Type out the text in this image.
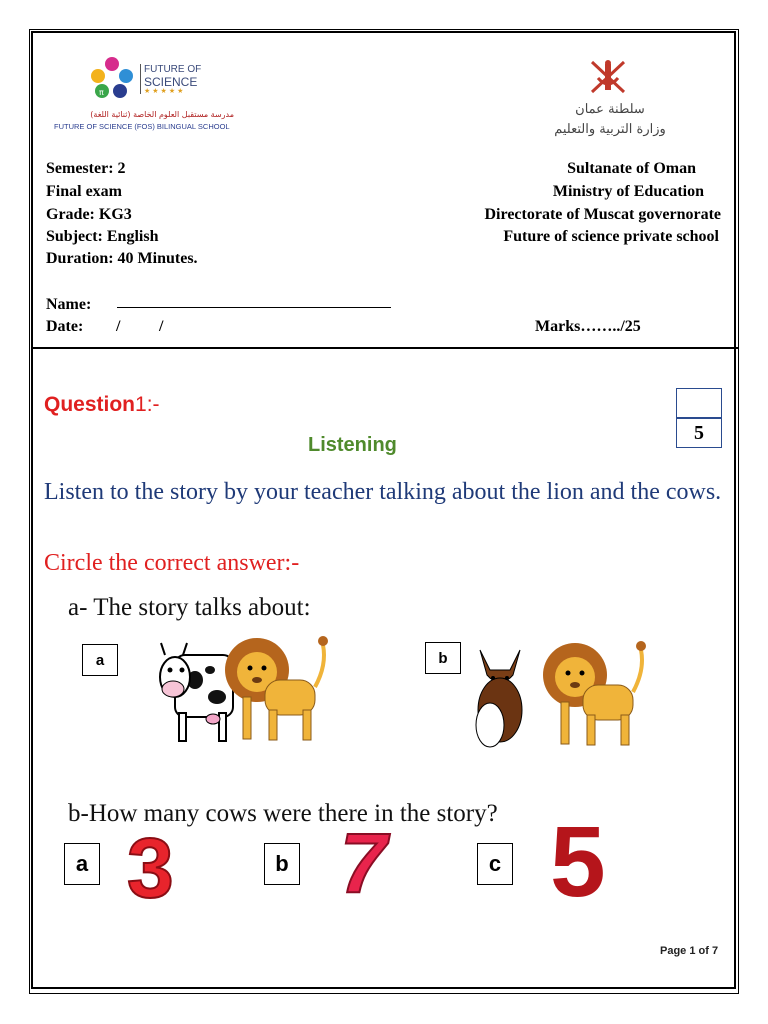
π
FUTURE OF
SCIENCE
★★★★★
مدرسة مستقبل العلوم الخاصة (ثنائية اللغة)
FUTURE OF SCIENCE (FOS) BILINGUAL SCHOOL
سلطنة عمان
وزارة التربية والتعليم
Semester: 2
Final exam
Grade: KG3
Subject: English
Duration: 40 Minutes.
Sultanate of Oman
Ministry of Education
Directorate of Muscat governorate
Future of science private school
Name:
Date: / /	Marks……../25
Question1:-
5
Listening
Listen to the story by your teacher talking about the lion and the cows.
Circle the correct answer:-
a- The story talks about:
a	b
b-How many cows were there in the story?
a 3	b 7	c 5
Page 1 of 7
